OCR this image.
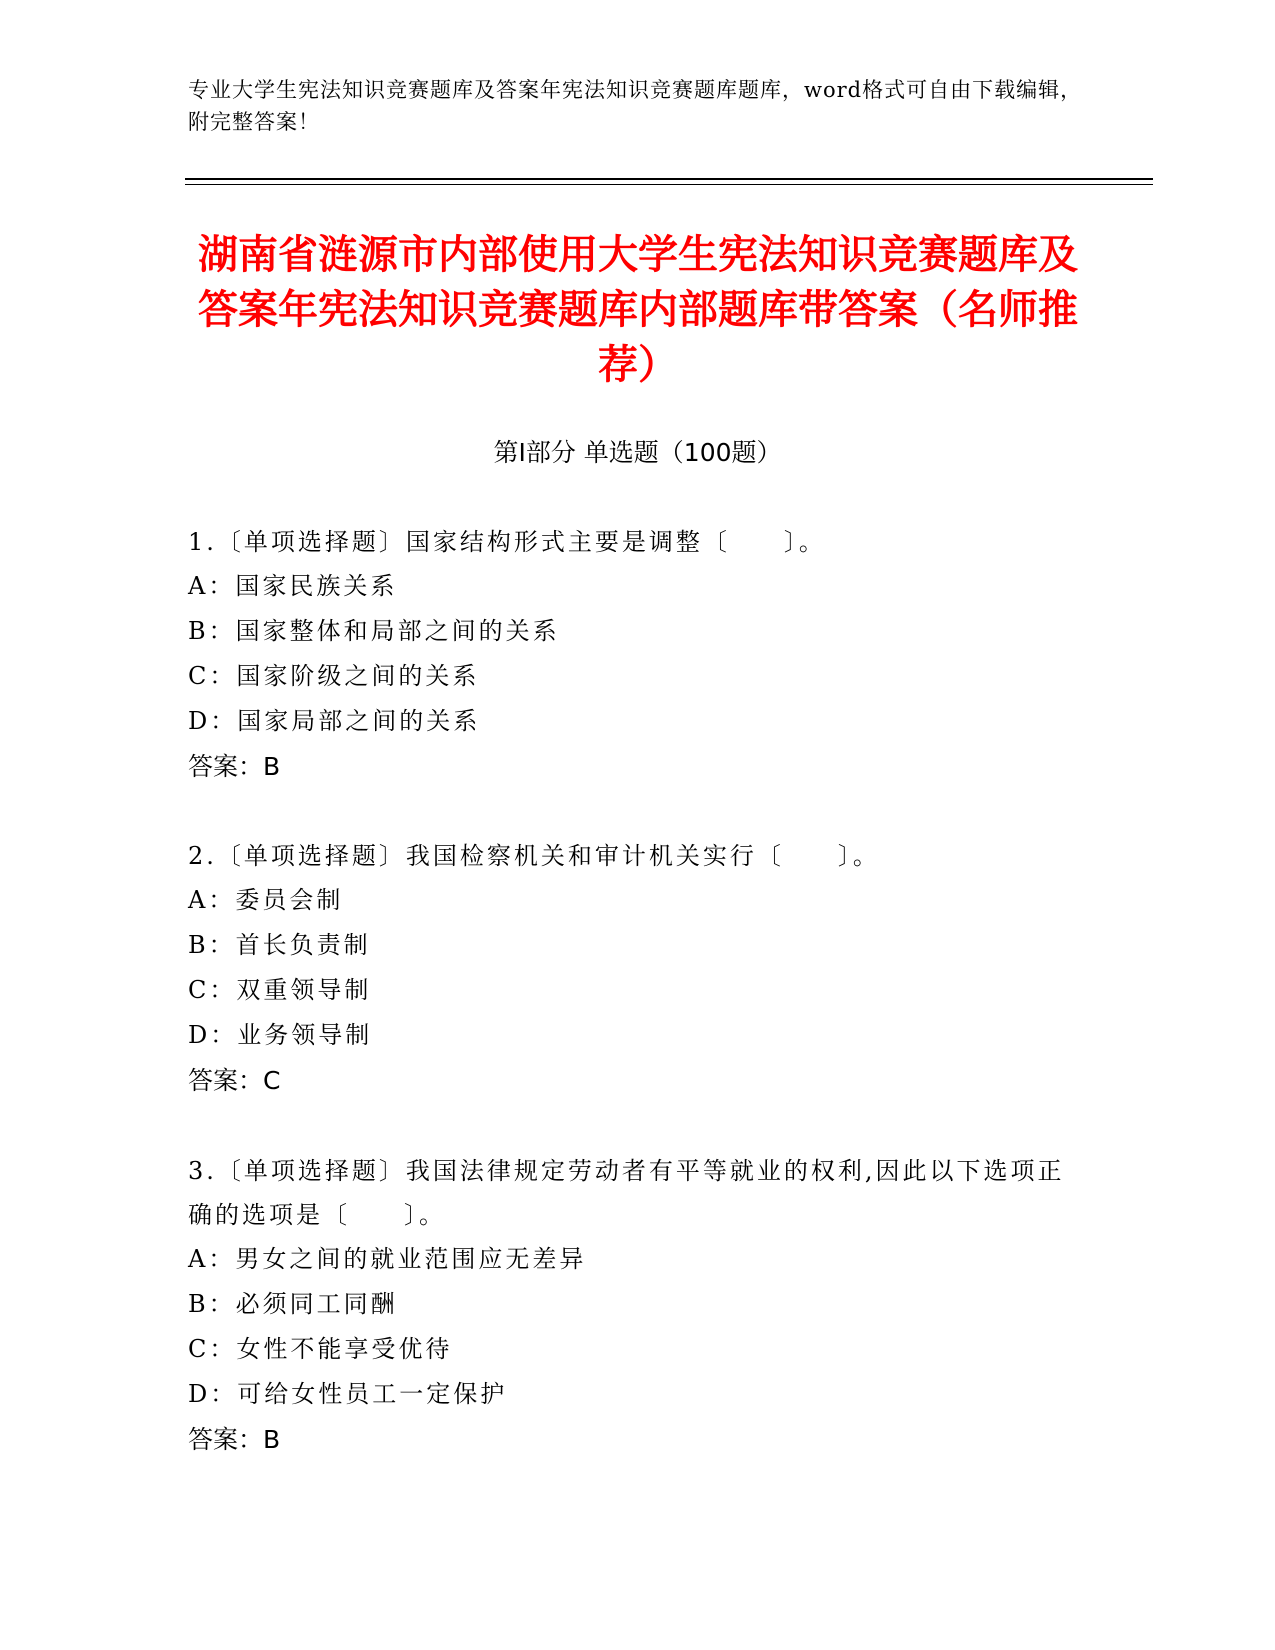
专业大学生宪法知识竞赛题库及答案年宪法知识竞赛题库题库，word格式可自由下载编辑，附完整答案！
湖南省涟源市内部使用大学生宪法知识竞赛题库及答案年宪法知识竞赛题库内部题库带答案（名师推荐）
第Ⅰ部分 单选题（100题）
1.〔单项选择题〕国家结构形式主要是调整〔　　〕。
A：国家民族关系
B：国家整体和局部之间的关系
C：国家阶级之间的关系
D：国家局部之间的关系
答案：B
2.〔单项选择题〕我国检察机关和审计机关实行〔　　〕。
A：委员会制
B：首长负责制
C：双重领导制
D：业务领导制
答案：C
3.〔单项选择题〕我国法律规定劳动者有平等就业的权利,因此以下选项正确的选项是〔　　〕。
A：男女之间的就业范围应无差异
B：必须同工同酬
C：女性不能享受优待
D：可给女性员工一定保护
答案：B
